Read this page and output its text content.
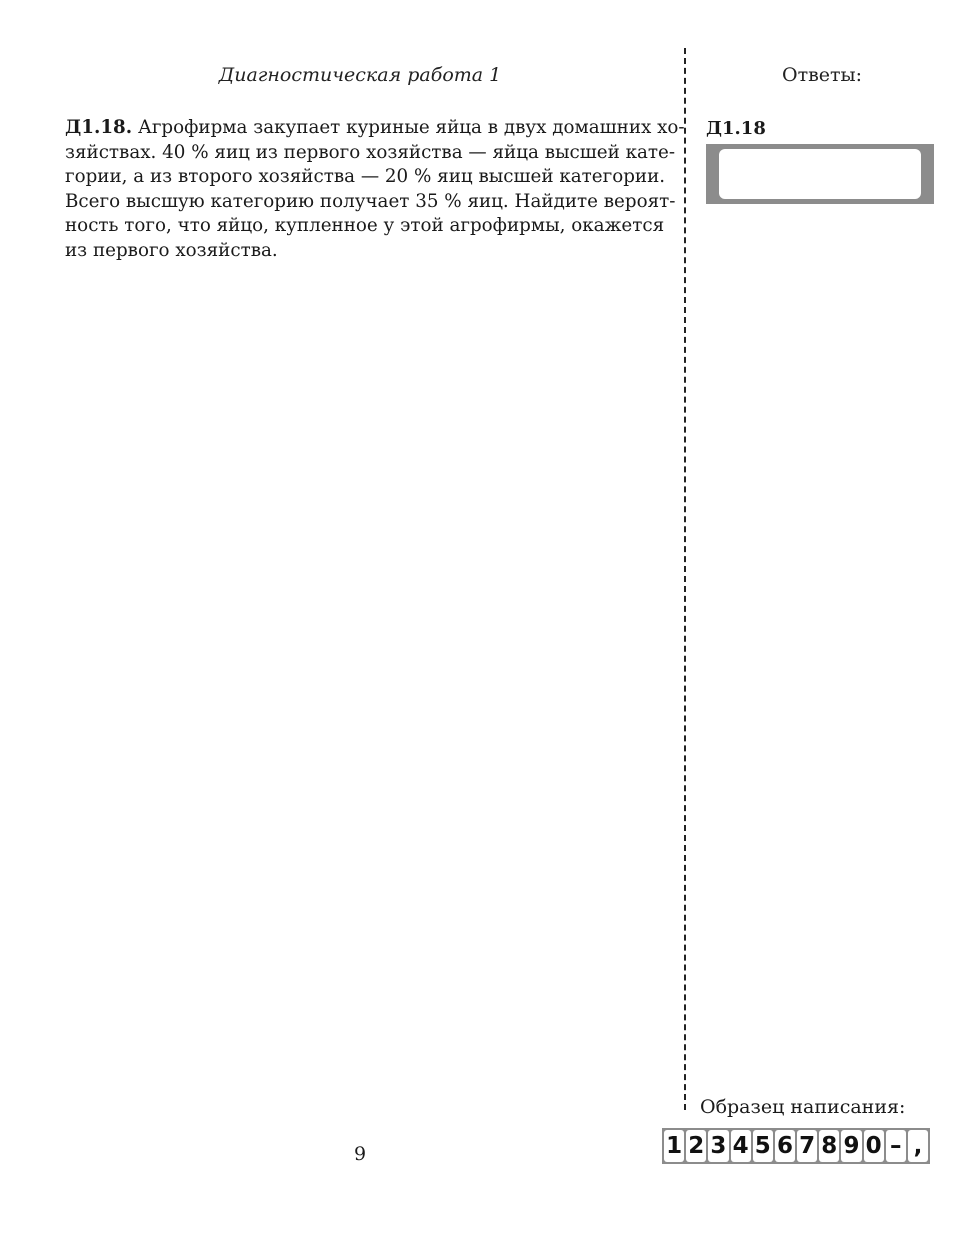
Диагностическая работа 1	Ответы:
Д1.18. Агрофирма закупает куриные яйца в двух домашних хо-
зяйствах. 40 % яиц из первого хозяйства — яйца высшей кате-
гории, а из второго хозяйства — 20 % яиц высшей категории.
Всего высшую категорию получает 35 % яиц. Найдите вероят-
ность того, что яйцо, купленное у этой агрофирмы, окажется
из первого хозяйства.
Д1.18
Образец написания:
1 2 3 4 5 6 7 8 9 0 – ,
9
